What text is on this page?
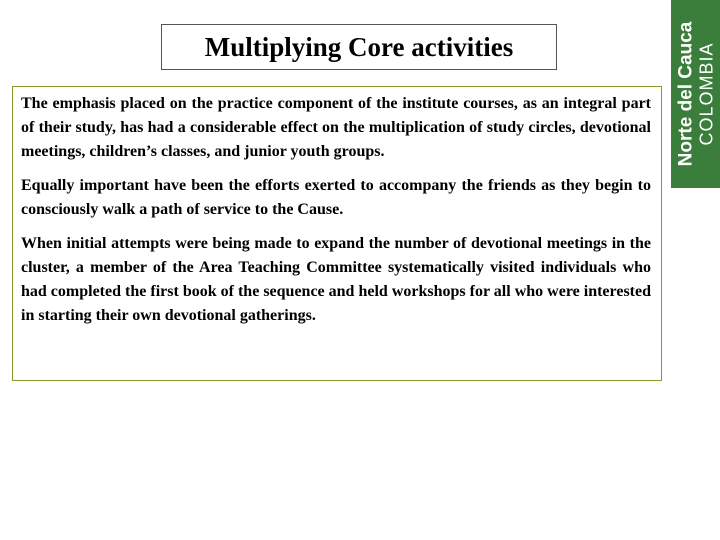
Multiplying Core activities

The emphasis placed on the practice component of the institute courses, as an integral part of their study, has had a considerable effect on the multiplication of study circles, devotional meetings, children’s classes, and junior youth groups.

Equally important have been the efforts exerted to accompany the friends as they begin to consciously walk a path of service to the Cause.

When initial attempts were being made to expand the number of devotional meetings in the cluster, a member of the Area Teaching Committee systematically visited individuals who had completed the first book of the sequence and held workshops for all who were interested in starting their own devotional gatherings.

Norte del Cauca COLOMBIA
